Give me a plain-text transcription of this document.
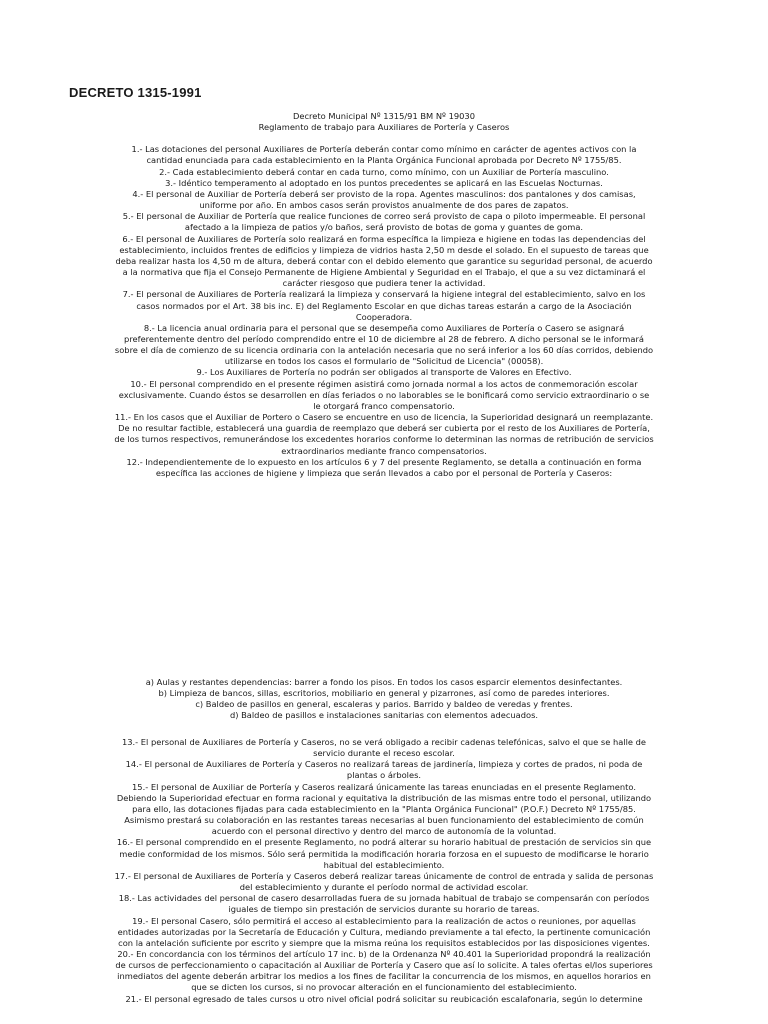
DECRETO 1315-1991

Decreto Municipal Nº 1315/91 BM Nº 19030

Reglamento de trabajo para Auxiliares de Portería y Caseros

1.- Las dotaciones del personal Auxiliares de Portería deberán contar como mínimo en carácter de agentes activos con la cantidad enunciada para cada establecimiento en la Planta Orgánica Funcional aprobada por Decreto Nº 1755/85.

2.- Cada establecimiento deberá contar en cada turno, como mínimo, con un Auxiliar de Portería masculino.

3.- Idéntico temperamento al adoptado en los puntos precedentes se aplicará en las Escuelas Nocturnas.

4.- El personal de Auxiliar de Portería deberá ser provisto de la ropa. Agentes masculinos: dos pantalones y dos camisas, uniforme por año. En ambos casos serán provistos anualmente de dos pares de zapatos.

5.- El personal de Auxiliar de Portería que realice funciones de correo será provisto de capa o piloto impermeable. El personal afectado a la limpieza de patios y/o baños, será provisto de botas de goma y guantes de goma.

6.- El personal de Auxiliares de Portería solo realizará en forma específica la limpieza e higiene en todas las dependencias del establecimiento, incluidos frentes de edificios y limpieza de vidrios hasta 2,50 m desde el solado. En el supuesto de tareas que deba realizar hasta los 4,50 m de altura, deberá contar con el debido elemento que garantice su seguridad personal, de acuerdo a la normativa que fija el Consejo Permanente de Higiene Ambiental y Seguridad en el Trabajo, el que a su vez dictaminará el carácter riesgoso que pudiera tener la actividad.

7.- El personal de Auxiliares de Portería realizará la limpieza y conservará la higiene integral del establecimiento, salvo en los casos normados por el Art. 38 bis inc. E) del Reglamento Escolar en que dichas tareas estarán a cargo de la Asociación Cooperadora.

8.- La licencia anual ordinaria para el personal que se desempeña como Auxiliares de Portería o Casero se asignará preferentemente dentro del período comprendido entre el 10 de diciembre al 28 de febrero. A dicho personal se le informará sobre el día de comienzo de su licencia ordinaria con la antelación necesaria que no será inferior a los 60 días corridos, debiendo utilizarse en todos los casos el formulario de "Solicitud de Licencia" (00058).

9.- Los Auxiliares de Portería no podrán ser obligados al transporte de Valores en Efectivo.

10.- El personal comprendido en el presente régimen asistirá como jornada normal a los actos de conmemoración escolar exclusivamente. Cuando éstos se desarrollen en días feriados o no laborables se le bonificará como servicio extraordinario o se le otorgará franco compensatorio.

11.- En los casos que el Auxiliar de Portero o Casero se encuentre en uso de licencia, la Superioridad designará un reemplazante. De no resultar factible, establecerá una guardia de reemplazo que deberá ser cubierta por el resto de los Auxiliares de Portería, de los turnos respectivos, remunerándose los excedentes horarios conforme lo determinan las normas de retribución de servicios extraordinarios mediante franco compensatorios.

12.- Independientemente de lo expuesto en los artículos 6 y 7 del presente Reglamento, se detalla a continuación en forma específica las acciones de higiene y limpieza que serán llevados a cabo por el personal de Portería y Caseros:

a) Aulas y restantes dependencias: barrer a fondo los pisos. En todos los casos esparcir elementos desinfectantes.

b) Limpieza de bancos, sillas, escritorios, mobiliario en general y pizarrones, así como de paredes interiores.

c) Baldeo de pasillos en general, escaleras y parios. Barrido y baldeo de veredas y frentes.

d) Baldeo de pasillos e instalaciones sanitarias con elementos adecuados.

13.- El personal de Auxiliares de Portería y Caseros, no se verá obligado a recibir cadenas telefónicas, salvo el que se halle de servicio durante el receso escolar.

14.- El personal de Auxiliares de Portería y Caseros no realizará tareas de jardinería, limpieza y cortes de prados, ni poda de plantas o árboles.

15.- El personal de Auxiliar de Portería y Caseros realizará únicamente las tareas enunciadas en el presente Reglamento. Debiendo la Superioridad efectuar en forma racional y equitativa la distribución de las mismas entre todo el personal, utilizando para ello, las dotaciones fijadas para cada establecimiento en la "Planta Orgánica Funcional" (P.O.F.) Decreto Nº 1755/85. Asimismo prestará su colaboración en las restantes tareas necesarias al buen funcionamiento del establecimiento de común acuerdo con el personal directivo y dentro del marco de autonomía de la voluntad.

16.- El personal comprendido en el presente Reglamento, no podrá alterar su horario habitual de prestación de servicios sin que medie conformidad de los mismos. Sólo será permitida la modificación horaria forzosa en el supuesto de modificarse le horario habitual del establecimiento.

17.- El personal de Auxiliares de Portería y Caseros deberá realizar tareas únicamente de control de entrada y salida de personas del establecimiento y durante el período normal de actividad escolar.

18.- Las actividades del personal de casero desarrolladas fuera de su jornada habitual de trabajo se compensarán con períodos iguales de tiempo sin prestación de servicios durante su horario de tareas.

19.- El personal Casero, sólo permitirá el acceso al establecimiento para la realización de actos o reuniones, por aquellas entidades autorizadas por la Secretaría de Educación y Cultura, mediando previamente a tal efecto, la pertinente comunicación con la antelación suficiente por escrito y siempre que la misma reúna los requisitos establecidos por las disposiciones vigentes.

20.- En concordancia con los términos del artículo 17 inc. b) de la Ordenanza Nº 40.401 la Superioridad propondrá la realización de cursos de perfeccionamiento o capacitación al Auxiliar de Portería y Casero que así lo solicite. A tales ofertas el/los superiores inmediatos del agente deberán arbitrar los medios a los fines de facilitar la concurrencia de los mismos, en aquellos horarios en que se dicten los cursos, si no provocar alteración en el funcionamiento del establecimiento.

21.- El personal egresado de tales cursos u otro nivel oficial podrá solicitar su reubicación escalafonaria, según lo determine
